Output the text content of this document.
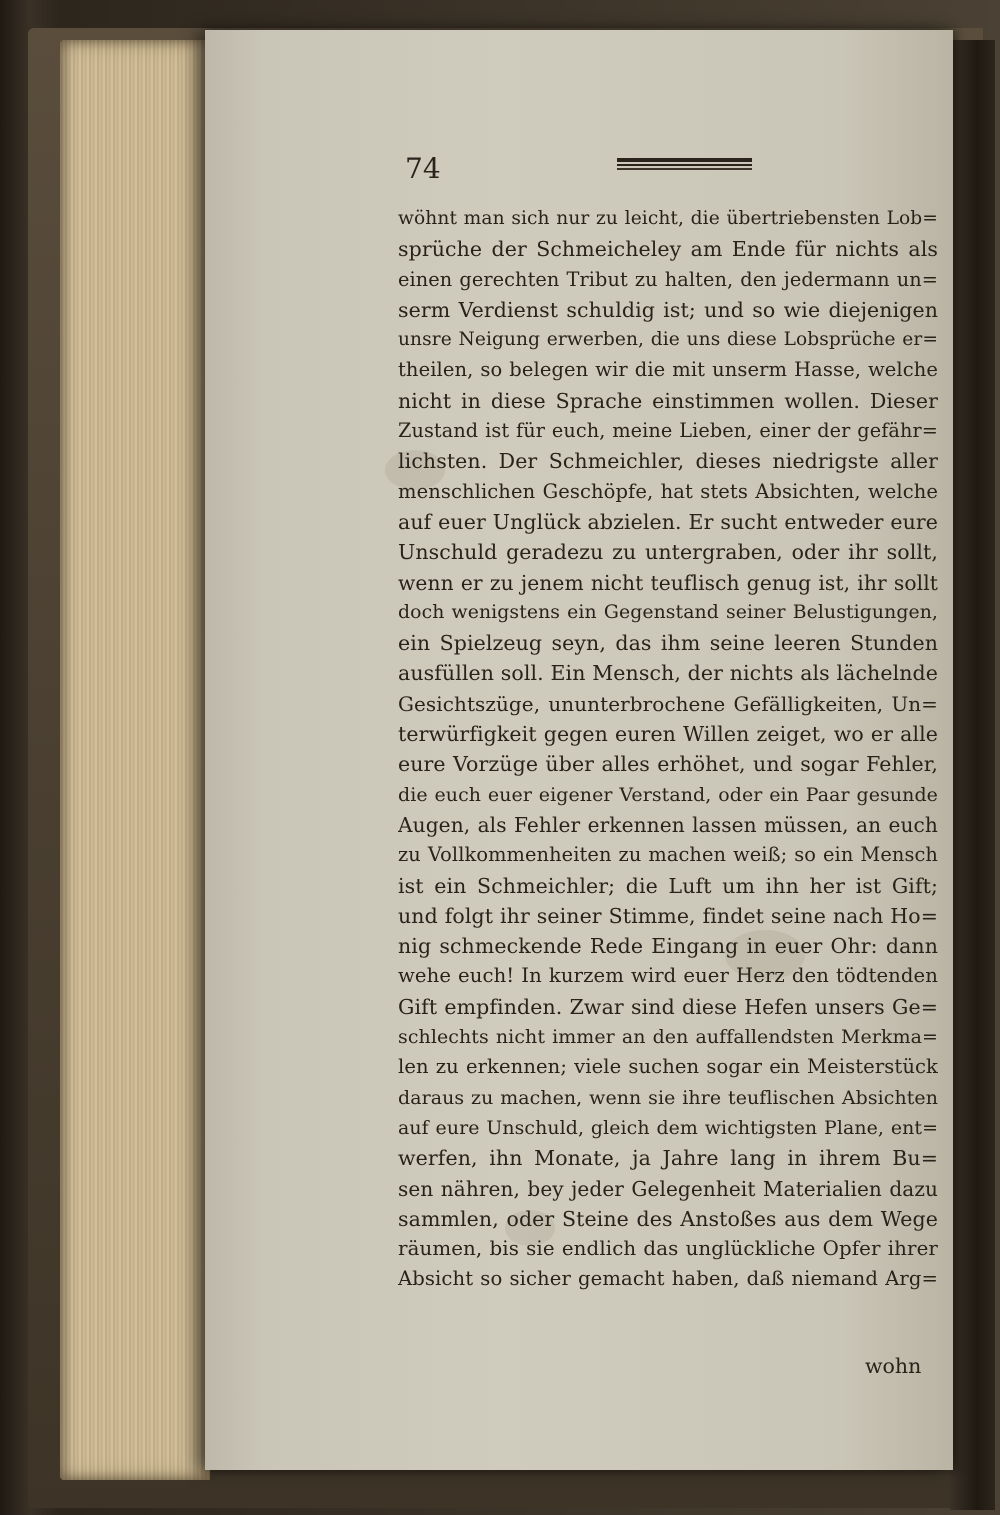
74
wöhnt man sich nur zu leicht, die übertriebensten Lob=
sprüche der Schmeicheley am Ende für nichts als
einen gerechten Tribut zu halten, den jedermann un=
serm Verdienst schuldig ist; und so wie diejenigen
unsre Neigung erwerben, die uns diese Lobsprüche er=
theilen, so belegen wir die mit unserm Hasse, welche
nicht in diese Sprache einstimmen wollen. Dieser
Zustand ist für euch, meine Lieben, einer der gefähr=
lichsten. Der Schmeichler, dieses niedrigste aller
menschlichen Geschöpfe, hat stets Absichten, welche
auf euer Unglück abzielen. Er sucht entweder eure
Unschuld geradezu zu untergraben, oder ihr sollt,
wenn er zu jenem nicht teuflisch genug ist, ihr sollt
doch wenigstens ein Gegenstand seiner Belustigungen,
ein Spielzeug seyn, das ihm seine leeren Stunden
ausfüllen soll. Ein Mensch, der nichts als lächelnde
Gesichtszüge, ununterbrochene Gefälligkeiten, Un=
terwürfigkeit gegen euren Willen zeiget, wo er alle
eure Vorzüge über alles erhöhet, und sogar Fehler,
die euch euer eigener Verstand, oder ein Paar gesunde
Augen, als Fehler erkennen lassen müssen, an euch
zu Vollkommenheiten zu machen weiß; so ein Mensch
ist ein Schmeichler; die Luft um ihn her ist Gift;
und folgt ihr seiner Stimme, findet seine nach Ho=
nig schmeckende Rede Eingang in euer Ohr: dann
wehe euch! In kurzem wird euer Herz den tödtenden
Gift empfinden. Zwar sind diese Hefen unsers Ge=
schlechts nicht immer an den auffallendsten Merkma=
len zu erkennen; viele suchen sogar ein Meisterstück
daraus zu machen, wenn sie ihre teuflischen Absichten
auf eure Unschuld, gleich dem wichtigsten Plane, ent=
werfen, ihn Monate, ja Jahre lang in ihrem Bu=
sen nähren, bey jeder Gelegenheit Materialien dazu
sammlen, oder Steine des Anstoßes aus dem Wege
räumen, bis sie endlich das unglückliche Opfer ihrer
Absicht so sicher gemacht haben, daß niemand Arg=
wohn
